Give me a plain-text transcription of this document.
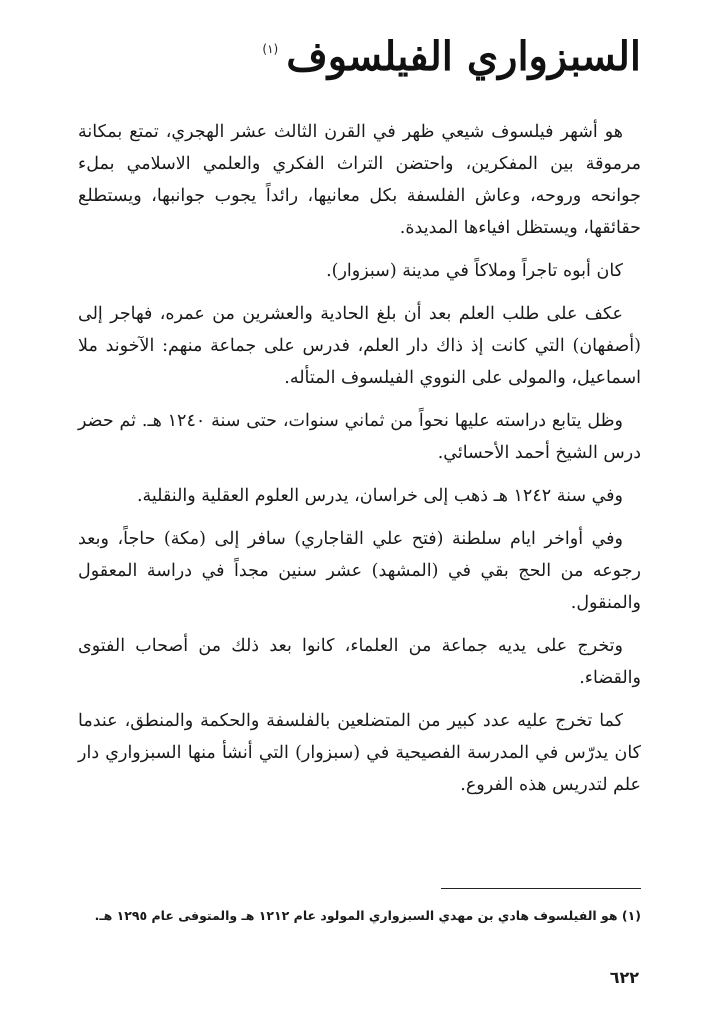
السبزواري الفيلسوف
(١)

هو أشهر فيلسوف شيعي ظهر في القرن الثالث عشر الهجري، تمتع بمكانة مرموقة بين المفكرين، واحتضن التراث الفكري والعلمي الاسلامي بملء جوانحه وروحه، وعاش الفلسفة بكل معانيها، رائداً يجوب جوانبها، ويستطلع حقائقها، ويستظل افياءها المديدة.

كان أبوه تاجراً وملاكاً في مدينة (سبزوار).

عكف على طلب العلم بعد أن بلغ الحادية والعشرين من عمره، فهاجر إلى (أصفهان) التي كانت إذ ذاك دار العلم، فدرس على جماعة منهم: الآخوند ملا اسماعيل، والمولى على النووي الفيلسوف المتأله.

وظل يتابع دراسته عليها نحواً من ثماني سنوات، حتى سنة ١٢٤٠ هـ. ثم حضر درس الشيخ أحمد الأحسائي.

وفي سنة ١٢٤٢ هـ ذهب إلى خراسان، يدرس العلوم العقلية والنقلية.

وفي أواخر ايام سلطنة (فتح علي القاجاري) سافر إلى (مكة) حاجاً، وبعد رجوعه من الحج بقي في (المشهد) عشر سنين مجداً في دراسة المعقول والمنقول.

وتخرج على يديه جماعة من العلماء، كانوا بعد ذلك من أصحاب الفتوى والقضاء.

كما تخرج عليه عدد كبير من المتضلعين بالفلسفة والحكمة والمنطق، عندما كان يدرّس في المدرسة الفصيحية في (سبزوار) التي أنشأ منها السبزواري دار علم لتدريس هذه الفروع.

(١) هو الفيلسوف هادي بن مهدي السبزواري المولود عام ١٢١٢ هـ والمتوفى عام ١٢٩٥ هـ.
٦٢٢
